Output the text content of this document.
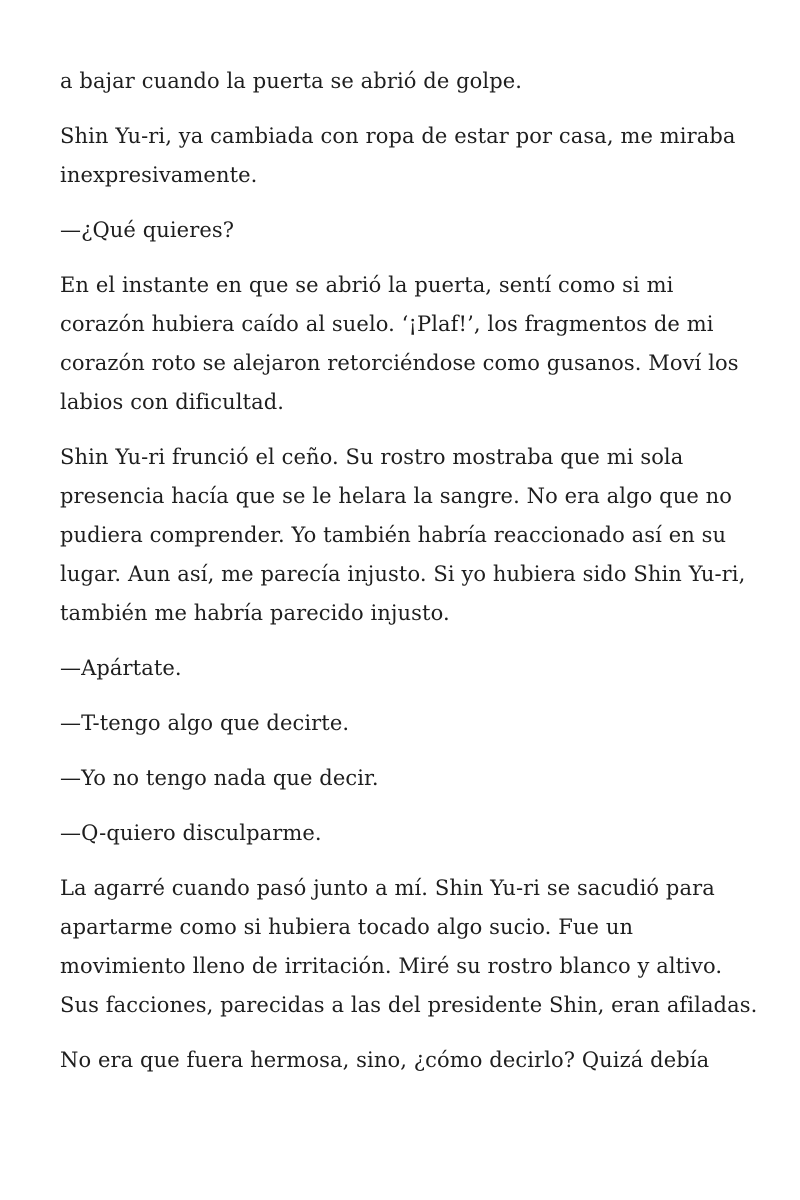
a bajar cuando la puerta se abrió de golpe.

Shin Yu-ri, ya cambiada con ropa de estar por casa, me miraba inexpresivamente.

—¿Qué quieres?

En el instante en que se abrió la puerta, sentí como si mi corazón hubiera caído al suelo. ‘¡Plaf!’, los fragmentos de mi corazón roto se alejaron retorciéndose como gusanos. Moví los labios con dificultad.

Shin Yu-ri frunció el ceño. Su rostro mostraba que mi sola presencia hacía que se le helara la sangre. No era algo que no pudiera comprender. Yo también habría reaccionado así en su lugar. Aun así, me parecía injusto. Si yo hubiera sido Shin Yu-ri, también me habría parecido injusto.

—Apártate.

—T-tengo algo que decirte.

—Yo no tengo nada que decir.

—Q-quiero disculparme.

La agarré cuando pasó junto a mí. Shin Yu-ri se sacudió para apartarme como si hubiera tocado algo sucio. Fue un movimiento lleno de irritación. Miré su rostro blanco y altivo. Sus facciones, parecidas a las del presidente Shin, eran afiladas.

No era que fuera hermosa, sino, ¿cómo decirlo? Quizá debía
